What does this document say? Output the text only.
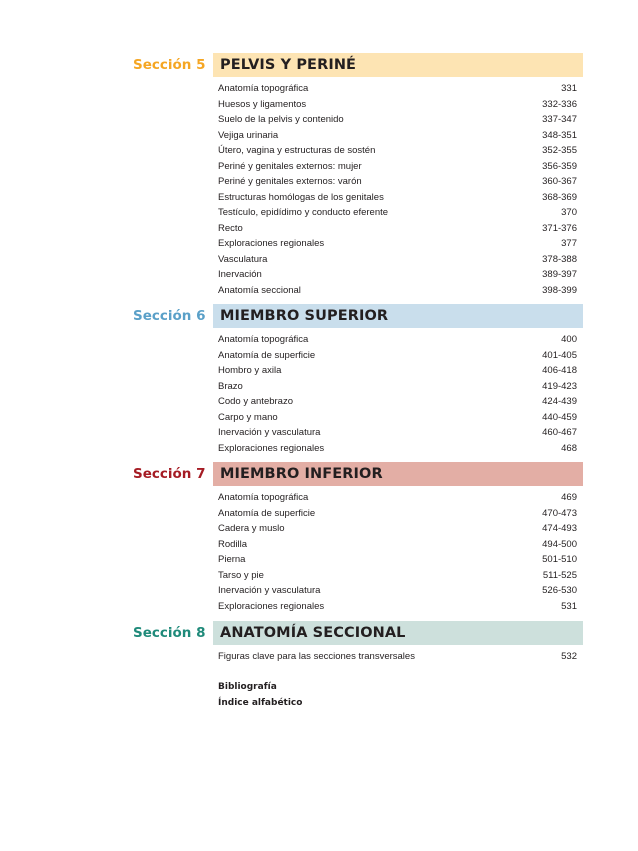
Sección 5 PELVIS Y PERINÉ
Anatomía topográfica	331
Huesos y ligamentos	332-336
Suelo de la pelvis y contenido	337-347
Vejiga urinaria	348-351
Útero, vagina y estructuras de sostén	352-355
Periné y genitales externos: mujer	356-359
Periné y genitales externos: varón	360-367
Estructuras homólogas de los genitales	368-369
Testículo, epidídimo y conducto eferente	370
Recto	371-376
Exploraciones regionales	377
Vasculatura	378-388
Inervación	389-397
Anatomía seccional	398-399
Sección 6 MIEMBRO SUPERIOR
Anatomía topográfica	400
Anatomía de superficie	401-405
Hombro y axila	406-418
Brazo	419-423
Codo y antebrazo	424-439
Carpo y mano	440-459
Inervación y vasculatura	460-467
Exploraciones regionales	468
Sección 7 MIEMBRO INFERIOR
Anatomía topográfica	469
Anatomía de superficie	470-473
Cadera y muslo	474-493
Rodilla	494-500
Pierna	501-510
Tarso y pie	511-525
Inervación y vasculatura	526-530
Exploraciones regionales	531
Sección 8 ANATOMÍA SECCIONAL
Figuras clave para las secciones transversales	532
Bibliografía
Índice alfabético
